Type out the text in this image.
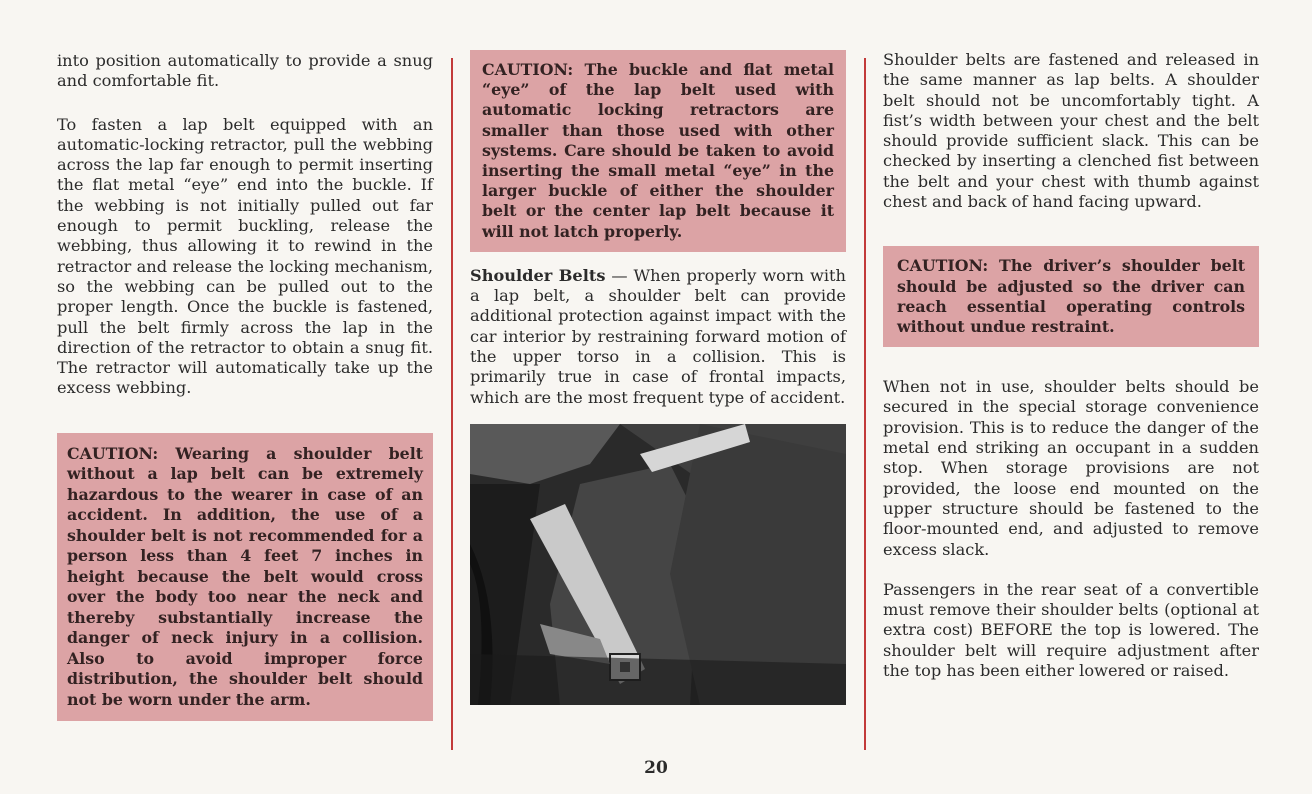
into position automatically to provide a snug and comfortable fit.

To fasten a lap belt equipped with an automatic-locking retractor, pull the webbing across the lap far enough to permit inserting the flat metal “eye” end into the buckle. If the webbing is not initially pulled out far enough to permit buckling, release the webbing, thus allowing it to rewind in the retractor and release the locking mechanism, so the webbing can be pulled out to the proper length. Once the buckle is fastened, pull the belt firmly across the lap in the direction of the retractor to obtain a snug fit. The retractor will automatically take up the excess webbing.

CAUTION: Wearing a shoulder belt without a lap belt can be extremely hazardous to the wearer in case of an accident. In addition, the use of a shoulder belt is not recommended for a person less than 4 feet 7 inches in height because the belt would cross over the body too near the neck and thereby substantially increase the danger of neck injury in a collision. Also to avoid improper force distribution, the shoulder belt should not be worn under the arm.
CAUTION: The buckle and flat metal “eye” of the lap belt used with automatic locking retractors are smaller than those used with other systems. Care should be taken to avoid inserting the small metal “eye” in the larger buckle of either the shoulder belt or the center lap belt because it will not latch properly.

Shoulder Belts — When properly worn with a lap belt, a shoulder belt can provide additional protection against impact with the car interior by restraining forward motion of the upper torso in a collision. This is primarily true in case of frontal impacts, which are the most frequent type of accident.

Shoulder belts are fastened and released in the same manner as lap belts. A shoulder belt should not be uncomfortably tight. A fist’s width between your chest and the belt should provide sufficient slack. This can be checked by inserting a clenched fist between the belt and your chest with thumb against chest and back of hand facing upward.

CAUTION: The driver’s shoulder belt should be adjusted so the driver can reach essential operating controls without undue restraint.

When not in use, shoulder belts should be secured in the special storage convenience provision. This is to reduce the danger of the metal end striking an occupant in a sudden stop. When storage provisions are not provided, the loose end mounted on the upper structure should be fastened to the floor-mounted end, and adjusted to remove excess slack.

Passengers in the rear seat of a convertible must remove their shoulder belts (optional at extra cost) BEFORE the top is lowered. The shoulder belt will require adjustment after the top has been either lowered or raised.

20
